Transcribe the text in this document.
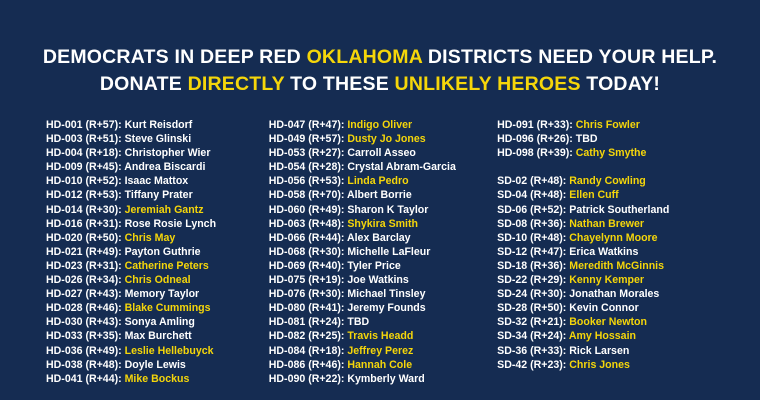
DEMOCRATS IN DEEP RED OKLAHOMA DISTRICTS NEED YOUR HELP.
DONATE DIRECTLY TO THESE UNLIKELY HEROES TODAY!
HD-001 (R+57): Kurt Reisdorf
HD-003 (R+51): Steve Glinski
HD-004 (R+18): Christopher Wier
HD-009 (R+45): Andrea Biscardi
HD-010 (R+52): Isaac Mattox
HD-012 (R+53): Tiffany Prater
HD-014 (R+30): Jeremiah Gantz
HD-016 (R+31): Rose Rosie Lynch
HD-020 (R+50): Chris May
HD-021 (R+49): Payton Guthrie
HD-023 (R+31): Catherine Peters
HD-026 (R+34): Chris Odneal
HD-027 (R+43): Memory Taylor
HD-028 (R+46): Blake Cummings
HD-030 (R+43): Sonya Amling
HD-033 (R+35): Max Burchett
HD-036 (R+49): Leslie Hellebuyck
HD-038 (R+48): Doyle Lewis
HD-041 (R+44): Mike Bockus
HD-047 (R+47): Indigo Oliver
HD-049 (R+57): Dusty Jo Jones
HD-053 (R+27): Carroll Asseo
HD-054 (R+28): Crystal Abram-Garcia
HD-056 (R+53): Linda Pedro
HD-058 (R+70): Albert Borrie
HD-060 (R+49): Sharon K Taylor
HD-063 (R+48): Shykira Smith
HD-066 (R+44): Alex Barclay
HD-068 (R+30): Michelle LaFleur
HD-069 (R+40): Tyler Price
HD-075 (R+19): Joe Watkins
HD-076 (R+30): Michael Tinsley
HD-080 (R+41): Jeremy Founds
HD-081 (R+24): TBD
HD-082 (R+25): Travis Headd
HD-084 (R+18): Jeffrey Perez
HD-086 (R+46): Hannah Cole
HD-090 (R+22): Kymberly Ward
HD-091 (R+33): Chris Fowler
HD-096 (R+26): TBD
HD-098 (R+39): Cathy Smythe
SD-02 (R+48): Randy Cowling
SD-04 (R+48): Ellen Cuff
SD-06 (R+52): Patrick Southerland
SD-08 (R+36): Nathan Brewer
SD-10 (R+48): Chayelynn Moore
SD-12 (R+47): Erica Watkins
SD-18 (R+36): Meredith McGinnis
SD-22 (R+29): Kenny Kemper
SD-24 (R+30): Jonathan Morales
SD-28 (R+50): Kevin Connor
SD-32 (R+21): Booker Newton
SD-34 (R+24): Amy Hossain
SD-36 (R+33): Rick Larsen
SD-42 (R+23): Chris Jones
